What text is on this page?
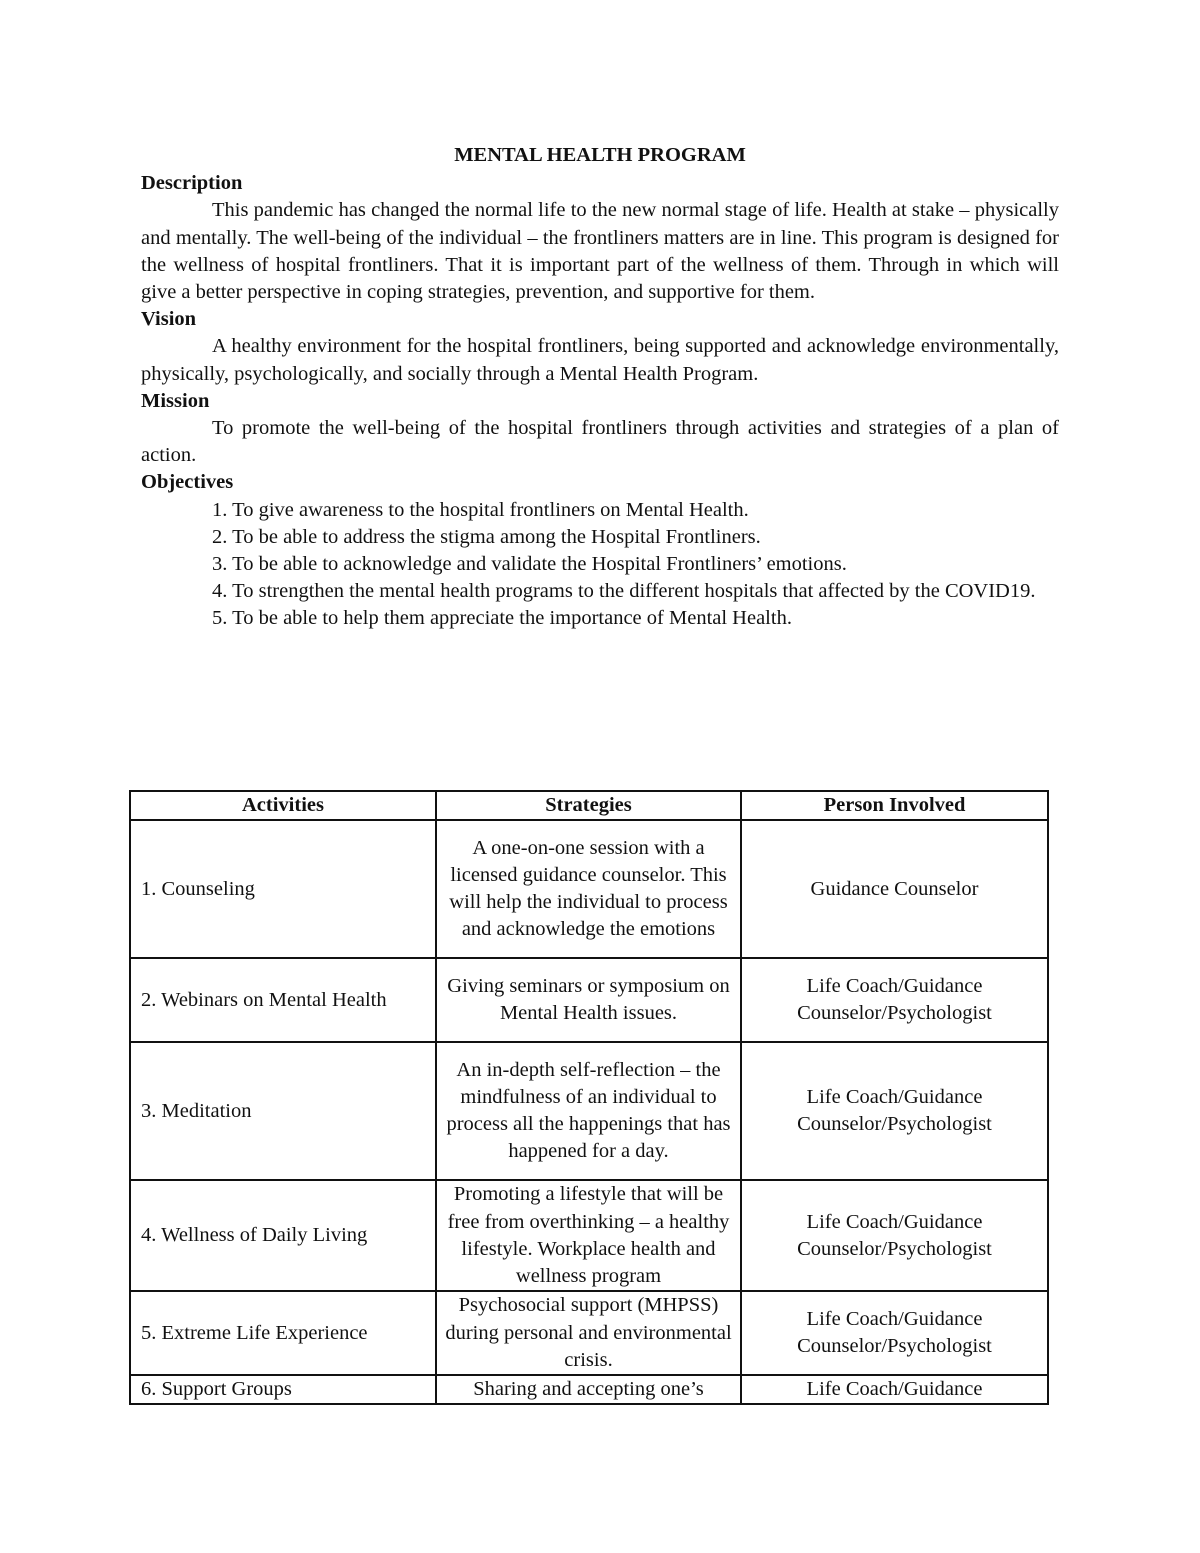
MENTAL HEALTH PROGRAM

Description

This pandemic has changed the normal life to the new normal stage of life. Health at stake – physically and mentally. The well-being of the individual – the frontliners matters are in line. This program is designed for the wellness of hospital frontliners. That it is important part of the wellness of them. Through in which will give a better perspective in coping strategies, prevention, and supportive for them.

Vision

A healthy environment for the hospital frontliners, being supported and acknowledge environmentally, physically, psychologically, and socially through a Mental Health Program.

Mission

To promote the well-being of the hospital frontliners through activities and strategies of a plan of action.

Objectives

1. To give awareness to the hospital frontliners on Mental Health.
2. To be able to address the stigma among the Hospital Frontliners.
3. To be able to acknowledge and validate the Hospital Frontliners’ emotions.
4. To strengthen the mental health programs to the different hospitals that affected by the COVID19.
5. To be able to help them appreciate the importance of Mental Health.
Activities	Strategies	Person Involved
1. Counseling	A one-on-one session with a licensed guidance counselor. This will help the individual to process and acknowledge the emotions	Guidance Counselor
2. Webinars on Mental Health	Giving seminars or symposium on Mental Health issues.	Life Coach/Guidance Counselor/Psychologist
3. Meditation	An in-depth self-reflection – the mindfulness of an individual to process all the happenings that has happened for a day.	Life Coach/Guidance Counselor/Psychologist
4. Wellness of Daily Living	Promoting a lifestyle that will be free from overthinking – a healthy lifestyle. Workplace health and wellness program	Life Coach/Guidance Counselor/Psychologist
5. Extreme Life Experience	Psychosocial support (MHPSS) during personal and environmental crisis.	Life Coach/Guidance Counselor/Psychologist
6. Support Groups	Sharing and accepting one’s	Life Coach/Guidance
